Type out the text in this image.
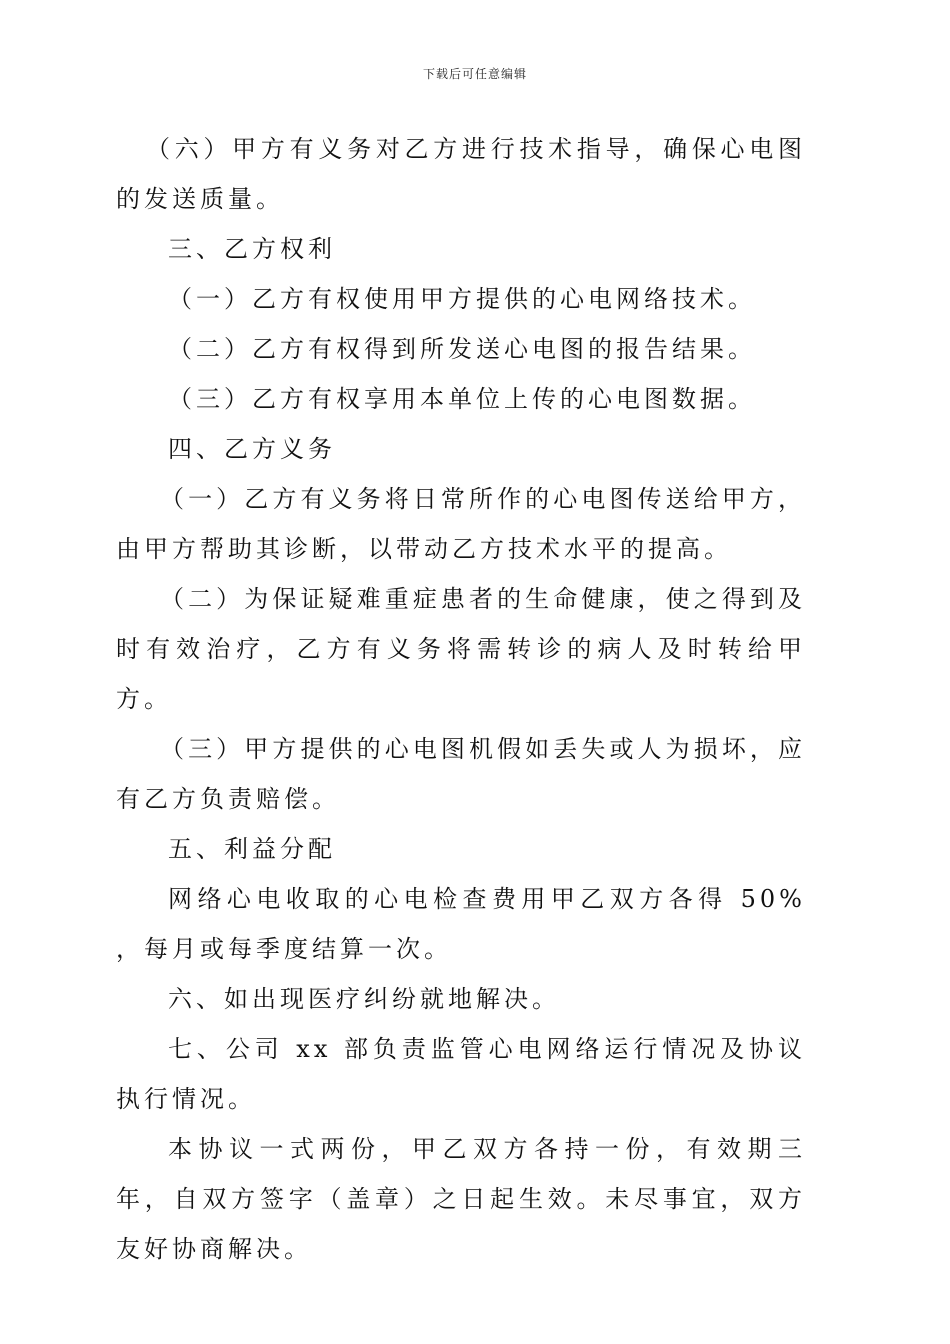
下载后可任意编辑

（六）甲方有义务对乙方进行技术指导，确保心电图的发送质量。

三、乙方权利

（一）乙方有权使用甲方提供的心电网络技术。

（二）乙方有权得到所发送心电图的报告结果。

（三）乙方有权享用本单位上传的心电图数据。

四、乙方义务

（一）乙方有义务将日常所作的心电图传送给甲方，由甲方帮助其诊断，以带动乙方技术水平的提高。

（二）为保证疑难重症患者的生命健康，使之得到及时有效治疗，乙方有义务将需转诊的病人及时转给甲方。

（三）甲方提供的心电图机假如丢失或人为损坏，应有乙方负责赔偿。

五、利益分配

网络心电收取的心电检查费用甲乙双方各得 50% ，每月或每季度结算一次。

六、如出现医疗纠纷就地解决。

七、公司 xx 部负责监管心电网络运行情况及协议执行情况。

本协议一式两份，甲乙双方各持一份，有效期三年，自双方签字（盖章）之日起生效。未尽事宜，双方友好协商解决。
